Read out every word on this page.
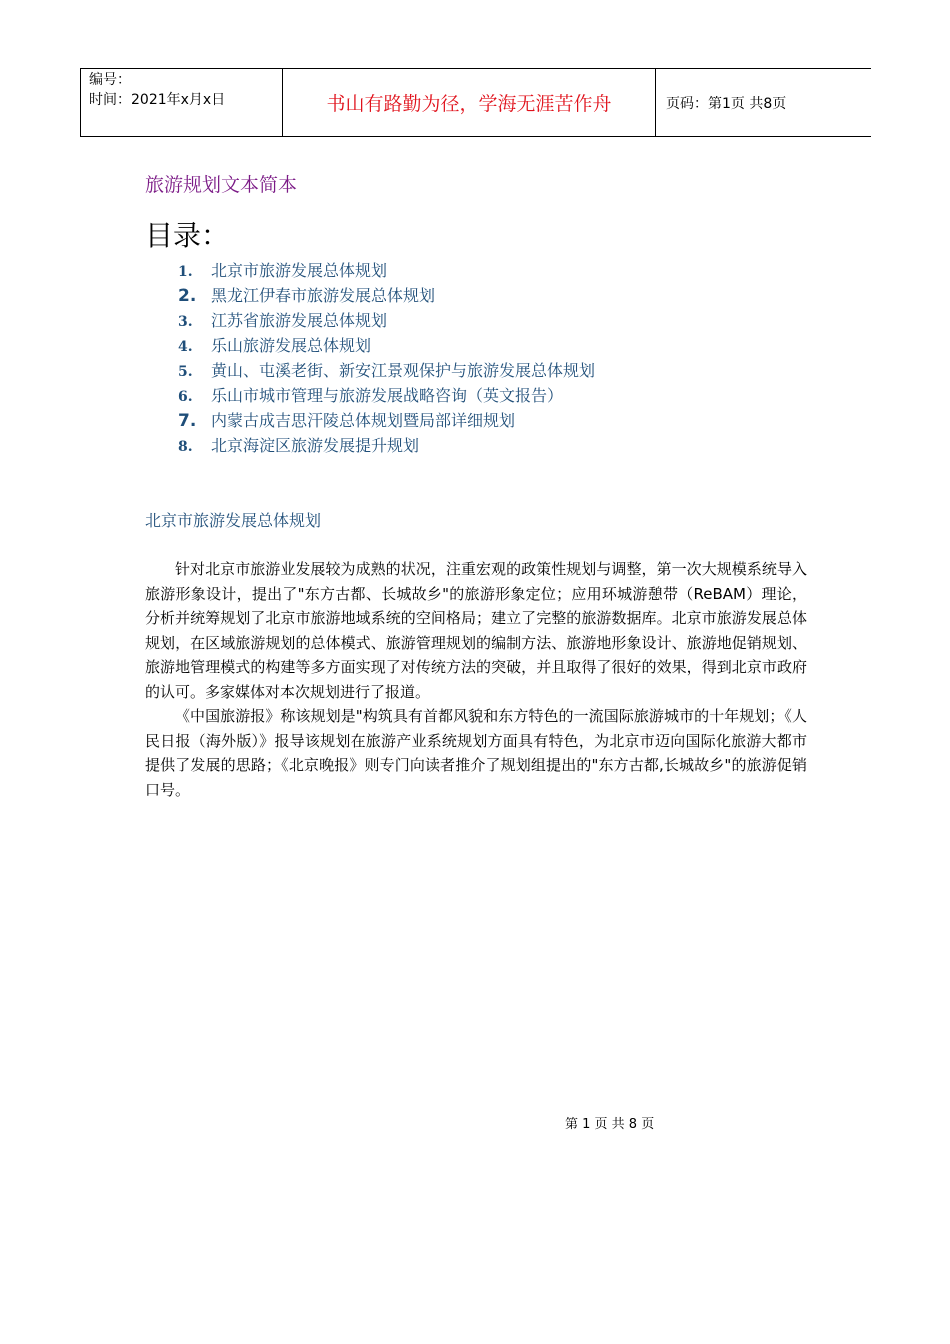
编号：
时间：2021年x月x日	书山有路勤为径，学海无涯苦作舟	页码：第1页 共8页
旅游规划文本简本
目录：
1. 北京市旅游发展总体规划
2. 黑龙江伊春市旅游发展总体规划
3. 江苏省旅游发展总体规划
4. 乐山旅游发展总体规划
5. 黄山、屯溪老街、新安江景观保护与旅游发展总体规划
6. 乐山市城市管理与旅游发展战略咨询（英文报告）
7. 内蒙古成吉思汗陵总体规划暨局部详细规划
8. 北京海淀区旅游发展提升规划
北京市旅游发展总体规划

针对北京市旅游业发展较为成熟的状况，注重宏观的政策性规划与调整，第一次大规模系统导入旅游形象设计，提出了"东方古都、长城故乡"的旅游形象定位；应用环城游憩带（ReBAM）理论，分析并统筹规划了北京市旅游地域系统的空间格局；建立了完整的旅游数据库。北京市旅游发展总体规划，在区域旅游规划的总体模式、旅游管理规划的编制方法、旅游地形象设计、旅游地促销规划、旅游地管理模式的构建等多方面实现了对传统方法的突破，并且取得了很好的效果，得到北京市政府的认可。多家媒体对本次规划进行了报道。

《中国旅游报》称该规划是"构筑具有首都风貌和东方特色的一流国际旅游城市的十年规划；《人民日报（海外版）》报导该规划在旅游产业系统规划方面具有特色，为北京市迈向国际化旅游大都市提供了发展的思路；《北京晚报》则专门向读者推介了规划组提出的"东方古都,长城故乡"的旅游促销口号。

第 1 页 共 8 页
